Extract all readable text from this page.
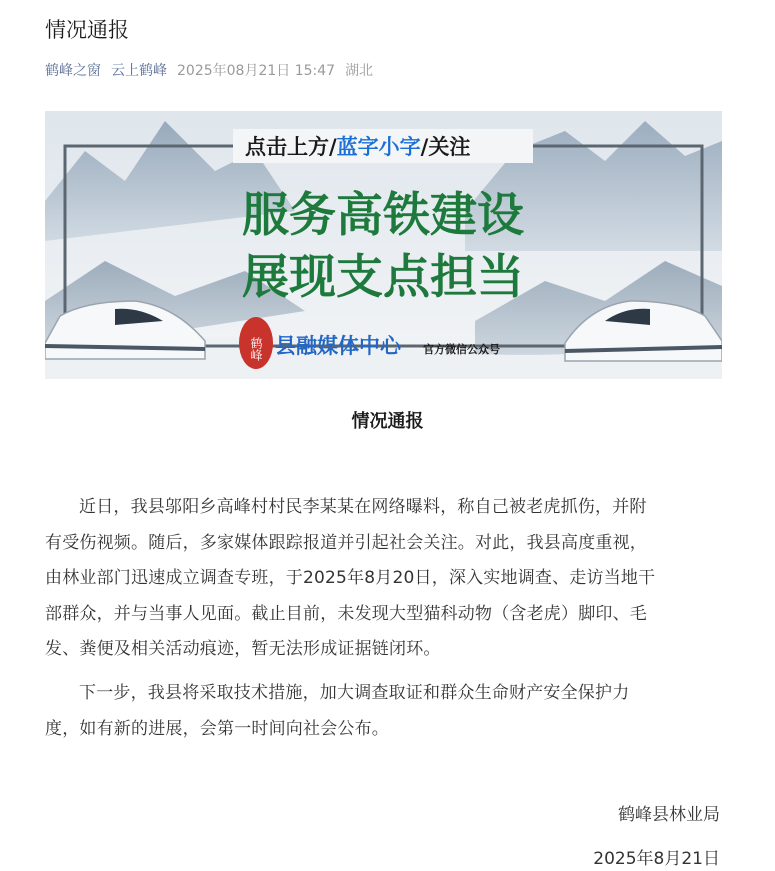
情况通报
鹤峰之窗 云上鹤峰 2025年08月21日 15:47 湖北
点击上方/蓝字小字/关注
服务高铁建设
展现支点担当
鹤峰 县融媒体中心 官方微信公众号
情况通报
近日，我县邬阳乡高峰村村民李某某在网络曝料，称自己被老虎抓伤，并附
有受伤视频。随后，多家媒体跟踪报道并引起社会关注。对此，我县高度重视，
由林业部门迅速成立调查专班，于2025年8月20日，深入实地调查、走访当地干
部群众，并与当事人见面。截止目前，未发现大型猫科动物（含老虎）脚印、毛
发、粪便及相关活动痕迹，暂无法形成证据链闭环。
下一步，我县将采取技术措施，加大调查取证和群众生命财产安全保护力
度，如有新的进展，会第一时间向社会公布。
鹤峰县林业局
2025年8月21日
